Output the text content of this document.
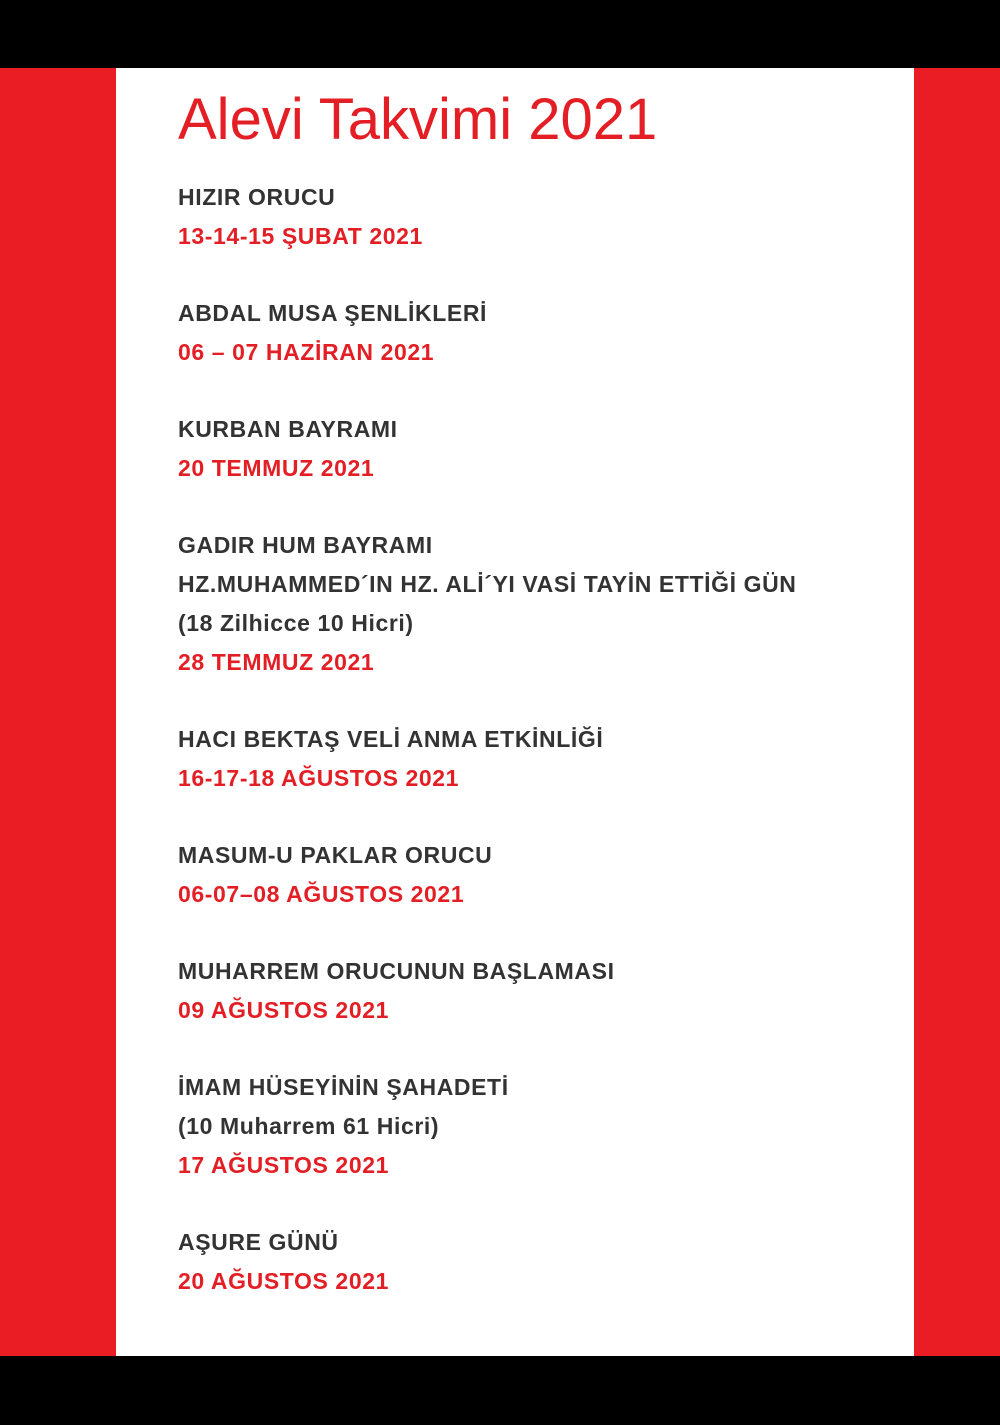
Alevi Takvimi 2021
HIZIR ORUCU
13-14-15 ŞUBAT 2021
ABDAL MUSA ŞENLİKLERİ
06 – 07 HAZİRAN 2021
KURBAN BAYRAMI
20 TEMMUZ 2021
GADIR HUM BAYRAMI
HZ.MUHAMMED´IN HZ. ALİ´YI VASİ TAYİN ETTİĞİ GÜN
(18 Zilhicce 10 Hicri)
28 TEMMUZ 2021
HACI BEKTAŞ VELİ ANMA ETKİNLİĞİ
16-17-18 AĞUSTOS 2021
MASUM-U PAKLAR ORUCU
06-07–08 AĞUSTOS 2021
MUHARREM ORUCUNUN BAŞLAMASI
09 AĞUSTOS 2021
İMAM HÜSEYİNİN ŞAHADETİ
(10 Muharrem 61 Hicri)
17 AĞUSTOS 2021
AŞURE GÜNÜ
20 AĞUSTOS 2021
